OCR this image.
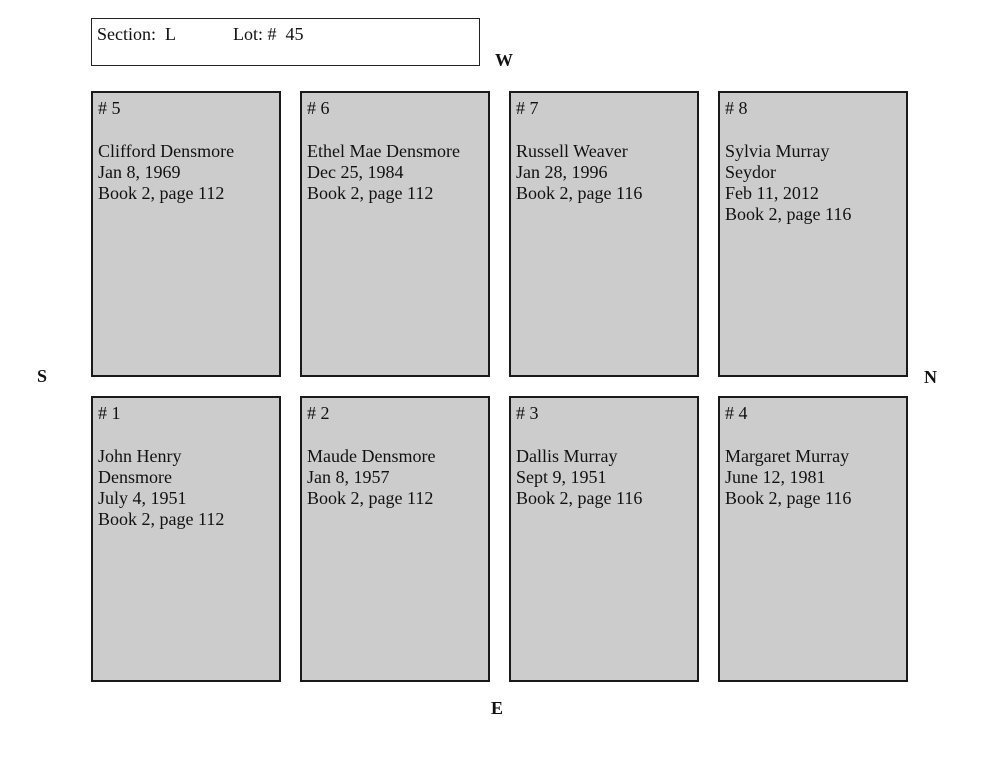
Section:  L	Lot: #  45
W
E
S	N
# 5
Clifford Densmore
Jan 8, 1969
Book 2, page 112
# 6
Ethel Mae Densmore
Dec 25, 1984
Book 2, page 112
# 7
Russell Weaver
Jan 28, 1996
Book 2, page 116
# 8
Sylvia Murray
Seydor
Feb 11, 2012
Book 2, page 116
# 1
John Henry
Densmore
July 4, 1951
Book 2, page 112
# 2
Maude Densmore
Jan 8, 1957
Book 2, page 112
# 3
Dallis Murray
Sept 9, 1951
Book 2, page 116
# 4
Margaret Murray
June 12, 1981
Book 2, page 116
